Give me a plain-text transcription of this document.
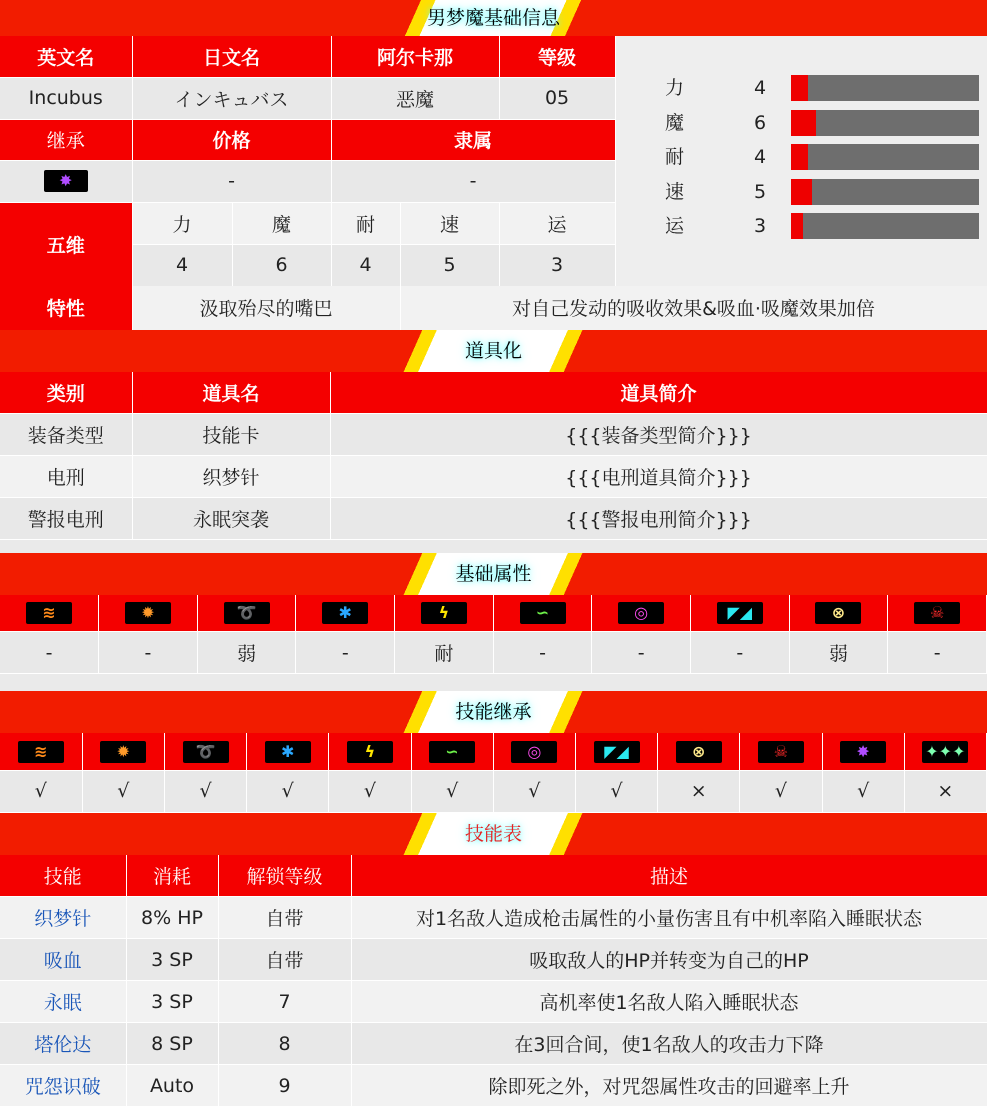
男梦魔基础信息
英文名	日文名		阿尔卡那		等级
Incubus	インキュバス		恶魔		05
继承	价格		隶属		

✸	-		-		
五维	力	魔	耐	速	运
	4	6	4	5	3
特性	汲取殆尽的嘴巴	对自己发动的吸收效果&吸血·吸魔效果加倍
力	4
魔	6
耐	4
速	5
运	3
道具化
类别	道具名	道具简介
装备类型	技能卡	{{{装备类型简介}}}
电刑	织梦针	{{{电刑道具简介}}}
警报电刑	永眠突袭	{{{警报电刑简介}}}
基础属性
≋	✹	➰	✱	ϟ	∽	◎	◤◢	⊗	☠

-	-	弱	-	耐	-	-	-	弱	-
技能继承
≋	✹	➰	✱	ϟ	∽	◎	◤◢	⊗	☠	✸	✦✦✦

√	√	√	√	√	√	√	√	×	√	√	×
技能表
技能	消耗	解锁等级	描述
织梦针	8% HP	自带	对1名敌人造成枪击属性的小量伤害且有中机率陷入睡眠状态
吸血	3 SP	自带	吸取敌人的HP并转变为自己的HP
永眠	3 SP	7	高机率使1名敌人陷入睡眠状态
塔伦达	8 SP	8	在3回合间，使1名敌人的攻击力下降
咒怨识破	Auto	9	除即死之外，对咒怨属性攻击的回避率上升
